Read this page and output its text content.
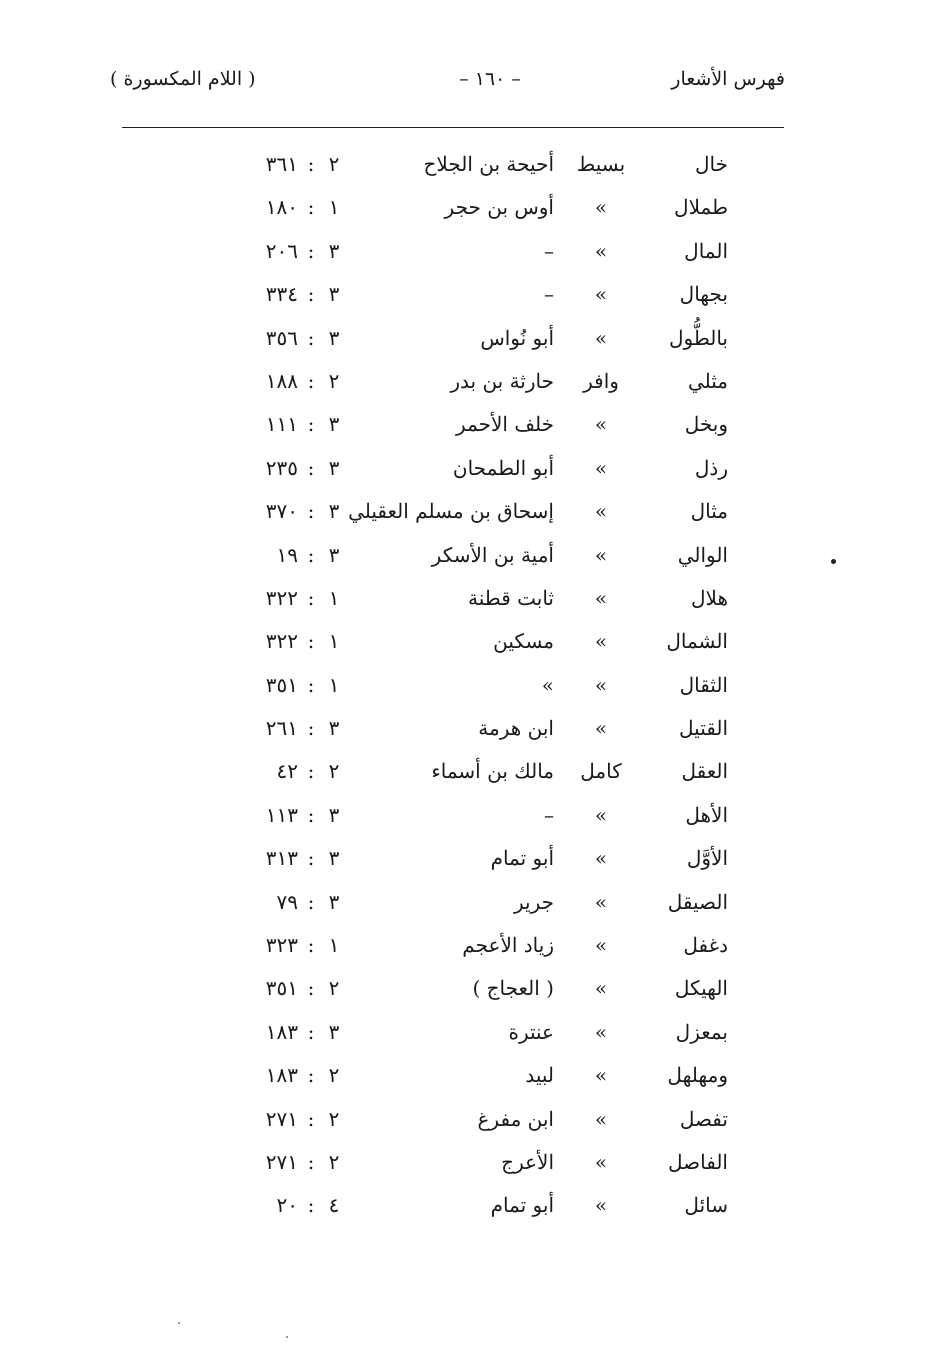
فهرس الأشعار
– ١٦٠ –
( اللام المكسورة )
خال
بسيط
أحيحة بن الجلاح
٢
:
٣٦١
طملال
»
أوس بن حجر
١
:
١٨٠
المال
»
–
٣
:
٢٠٦
بجهال
»
–
٣
:
٣٣٤
بالطُّول
»
أبو نُواس
٣
:
٣٥٦
مثلي
وافر
حارثة بن بدر
٢
:
١٨٨
وبخل
»
خلف الأحمر
٣
:
١١١
رذل
»
أبو الطمحان
٣
:
٢٣٥
مثال
»
إسحاق بن مسلم العقيلي
٣
:
٣٧٠
الوالي
»
أمية بن الأسكر
٣
:
١٩
هلال
»
ثابت قطنة
١
:
٣٢٢
الشمال
»
مسكين
١
:
٣٢٢
الثقال
»
»
١
:
٣٥١
القتيل
»
ابن هرمة
٣
:
٢٦١
العقل
كامل
مالك بن أسماء
٢
:
٤٢
الأهل
»
–
٣
:
١١٣
الأوَّل
»
أبو تمام
٣
:
٣١٣
الصيقل
»
جرير
٣
:
٧٩
دغفل
»
زياد الأعجم
١
:
٣٢٣
الهيكل
»
( العجاج )
٢
:
٣٥١
بمعزل
»
عنترة
٣
:
١٨٣
ومهلهل
»
لبيد
٢
:
١٨٣
تفصل
»
ابن مفرغ
٢
:
٢٧١
الفاصل
»
الأعرج
٢
:
٢٧١
سائل
»
أبو تمام
٤
:
٢٠
